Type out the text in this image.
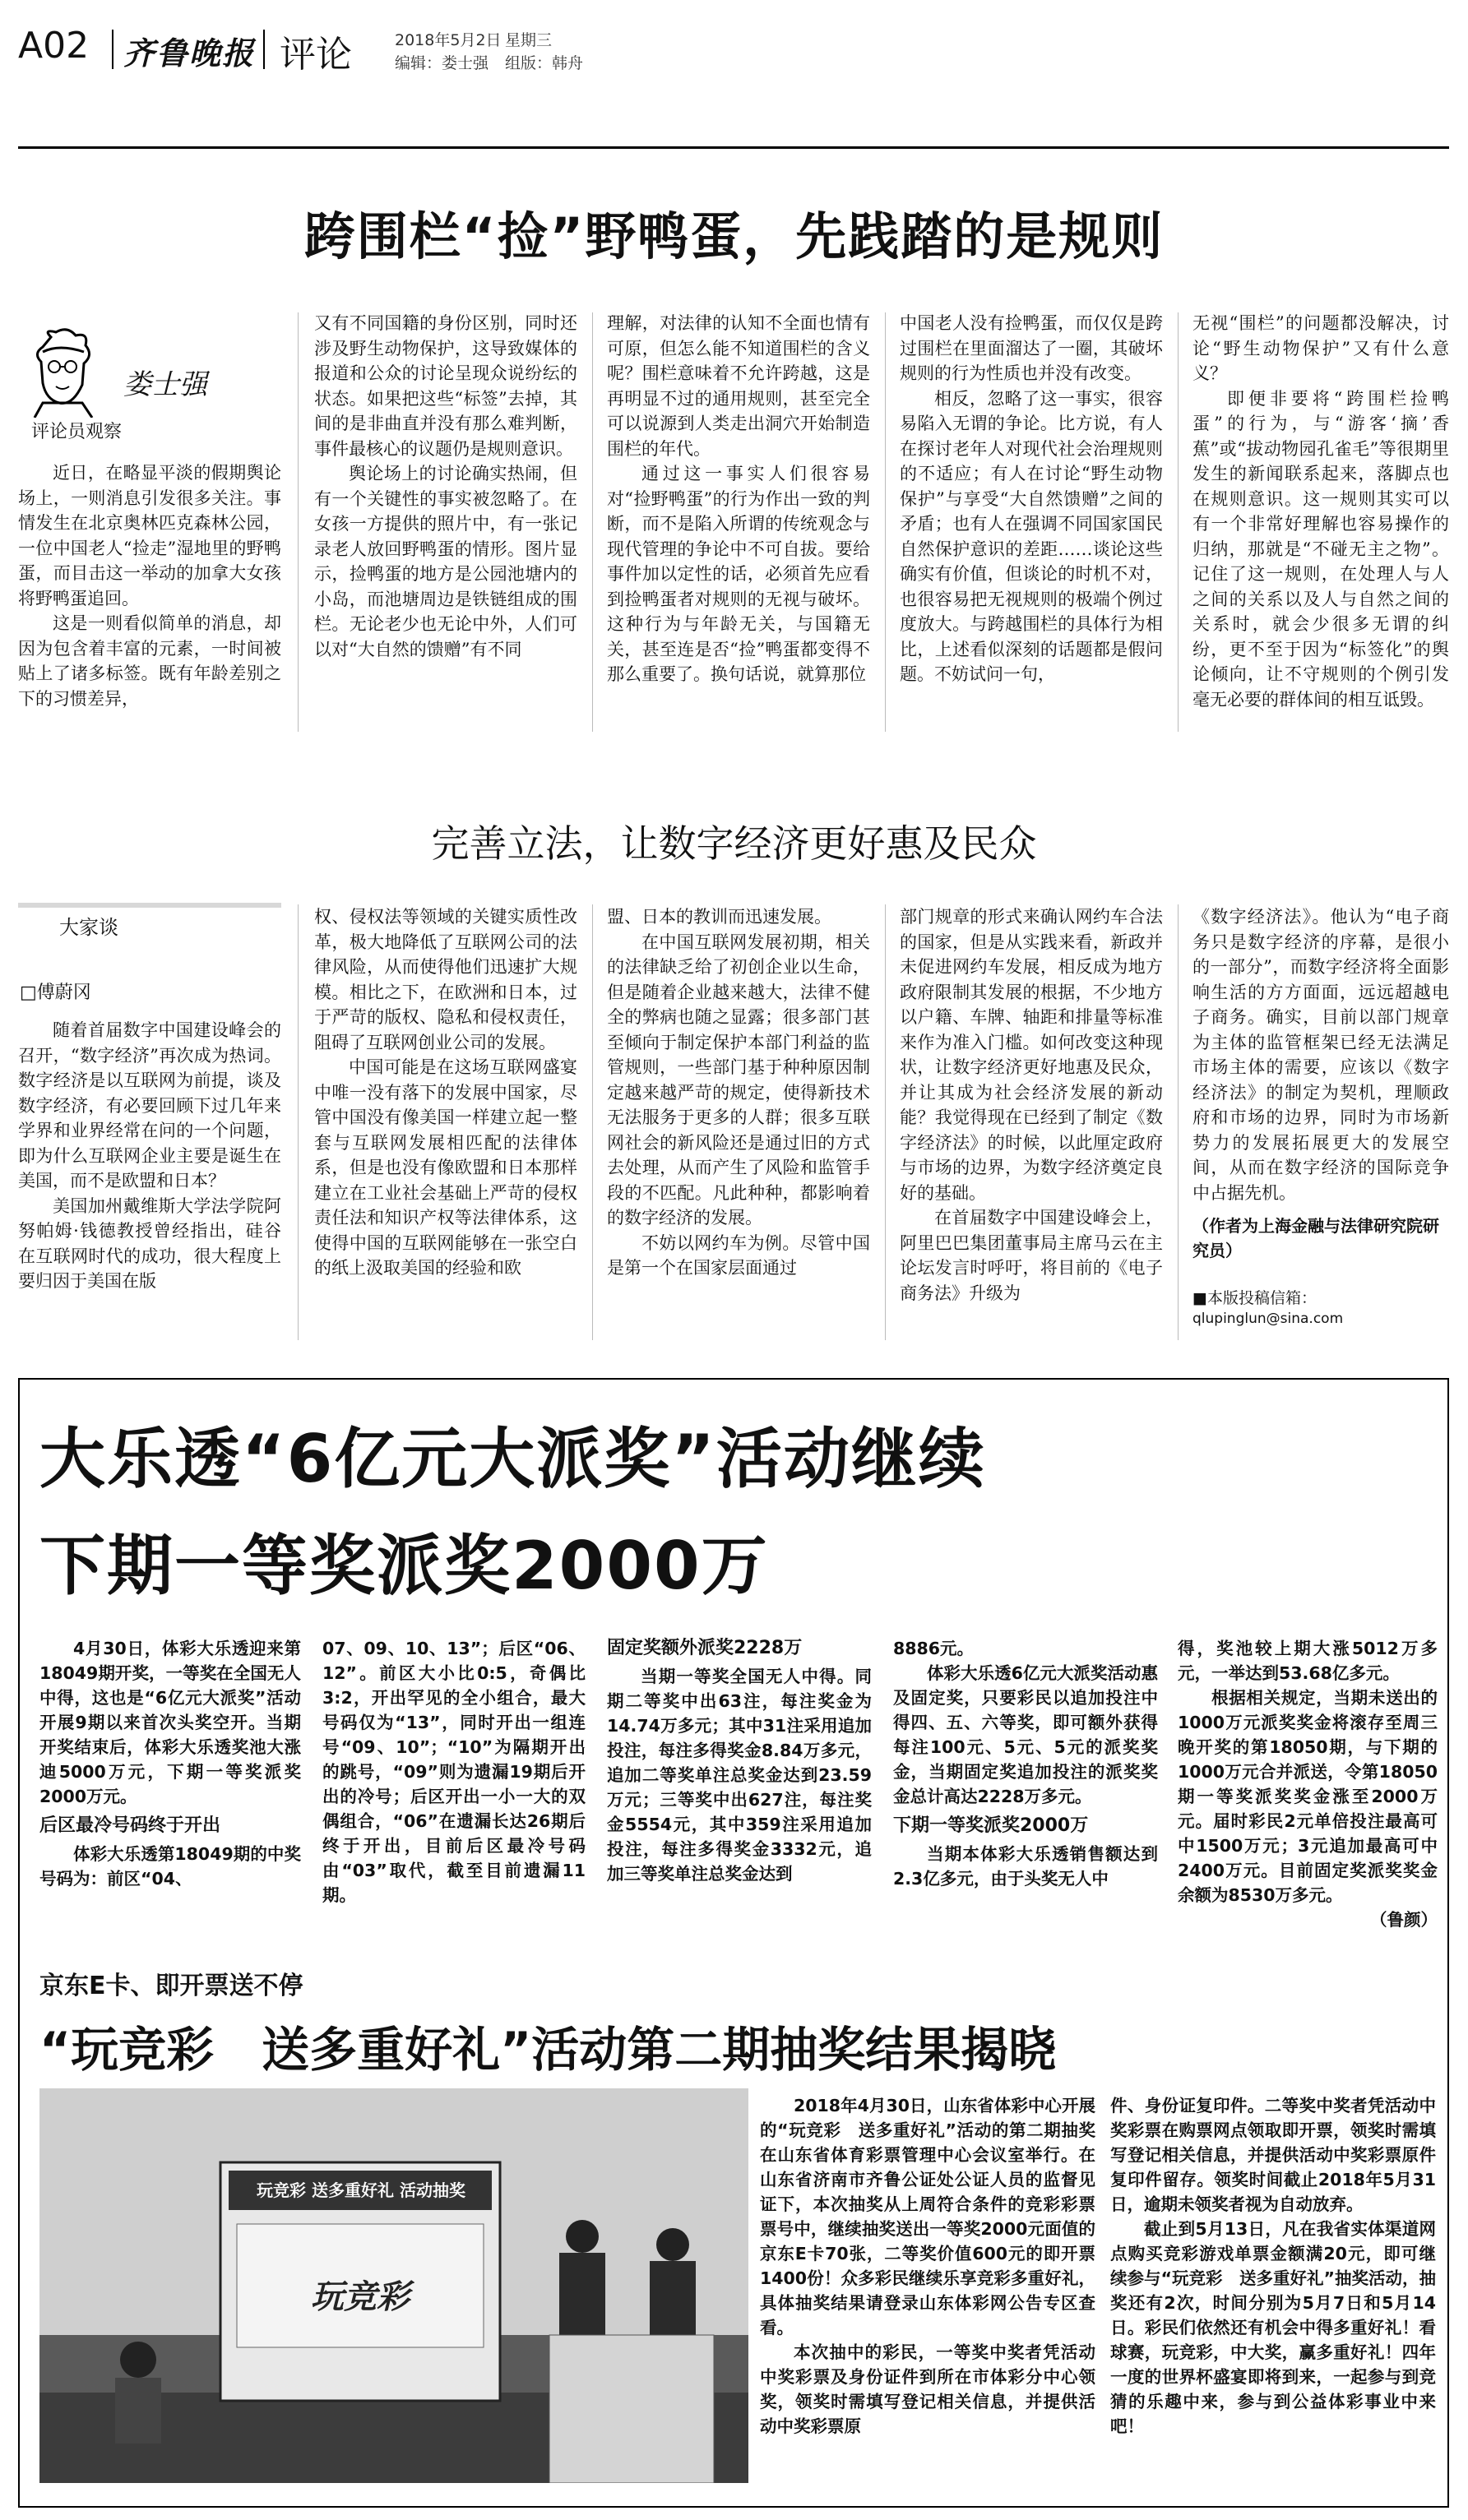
A02 齐鲁晚报 评论	2018年5月2日 星期三
编辑：娄士强 组版：韩舟
跨围栏“捡”野鸭蛋，先践踏的是规则
娄士强
评论员观察

近日，在略显平淡的假期舆论场上，一则消息引发很多关注。事情发生在北京奥林匹克森林公园，一位中国老人“捡走”湿地里的野鸭蛋，而目击这一举动的加拿大女孩将野鸭蛋追回。

这是一则看似简单的消息，却因为包含着丰富的元素，一时间被贴上了诸多标签。既有年龄差别之下的习惯差异，

又有不同国籍的身份区别，同时还涉及野生动物保护，这导致媒体的报道和公众的讨论呈现众说纷纭的状态。如果把这些“标签”去掉，其间的是非曲直并没有那么难判断，事件最核心的议题仍是规则意识。

舆论场上的讨论确实热闹，但有一个关键性的事实被忽略了。在女孩一方提供的照片中，有一张记录老人放回野鸭蛋的情形。图片显示，捡鸭蛋的地方是公园池塘内的小岛，而池塘周边是铁链组成的围栏。无论老少也无论中外，人们可以对“大自然的馈赠”有不同

理解，对法律的认知不全面也情有可原，但怎么能不知道围栏的含义呢？围栏意味着不允许跨越，这是再明显不过的通用规则，甚至完全可以说源到人类走出洞穴开始制造围栏的年代。

通过这一事实人们很容易对“捡野鸭蛋”的行为作出一致的判断，而不是陷入所谓的传统观念与现代管理的争论中不可自拔。要给事件加以定性的话，必须首先应看到捡鸭蛋者对规则的无视与破坏。这种行为与年龄无关，与国籍无关，甚至连是否“捡”鸭蛋都变得不那么重要了。换句话说，就算那位

中国老人没有捡鸭蛋，而仅仅是跨过围栏在里面溜达了一圈，其破坏规则的行为性质也并没有改变。

相反，忽略了这一事实，很容易陷入无谓的争论。比方说，有人在探讨老年人对现代社会治理规则的不适应；有人在讨论“野生动物保护”与享受“大自然馈赠”之间的矛盾；也有人在强调不同国家国民自然保护意识的差距……谈论这些确实有价值，但谈论的时机不对，也很容易把无视规则的极端个例过度放大。与跨越围栏的具体行为相比，上述看似深刻的话题都是假问题。不妨试问一句，

无视“围栏”的问题都没解决，讨论“野生动物保护”又有什么意义？

即便非要将“跨围栏捡鸭蛋”的行为，与“游客‘摘’香蕉”或“拔动物园孔雀毛”等很期里发生的新闻联系起来，落脚点也在规则意识。这一规则其实可以有一个非常好理解也容易操作的归纳，那就是“不碰无主之物”。记住了这一规则，在处理人与人之间的关系以及人与自然之间的关系时，就会少很多无谓的纠纷，更不至于因为“标签化”的舆论倾向，让不守规则的个例引发毫无必要的群体间的相互诋毁。

完善立法，让数字经济更好惠及民众
大家谈
□傅蔚冈

随着首届数字中国建设峰会的召开，“数字经济”再次成为热词。数字经济是以互联网为前提，谈及数字经济，有必要回顾下过几年来学界和业界经常在问的一个问题，即为什么互联网企业主要是诞生在美国，而不是欧盟和日本？

美国加州戴维斯大学法学院阿努帕姆·钱德教授曾经指出，硅谷在互联网时代的成功，很大程度上要归因于美国在版

权、侵权法等领域的关键实质性改革，极大地降低了互联网公司的法律风险，从而使得他们迅速扩大规模。相比之下，在欧洲和日本，过于严苛的版权、隐私和侵权责任，阻碍了互联网创业公司的发展。

中国可能是在这场互联网盛宴中唯一没有落下的发展中国家，尽管中国没有像美国一样建立起一整套与互联网发展相匹配的法律体系，但是也没有像欧盟和日本那样建立在工业社会基础上严苛的侵权责任法和知识产权等法律体系，这使得中国的互联网能够在一张空白的纸上汲取美国的经验和欧

盟、日本的教训而迅速发展。

在中国互联网发展初期，相关的法律缺乏给了初创企业以生命，但是随着企业越来越大，法律不健全的弊病也随之显露；很多部门甚至倾向于制定保护本部门利益的监管规则，一些部门基于种种原因制定越来越严苛的规定，使得新技术无法服务于更多的人群；很多互联网社会的新风险还是通过旧的方式去处理，从而产生了风险和监管手段的不匹配。凡此种种，都影响着的数字经济的发展。

不妨以网约车为例。尽管中国是第一个在国家层面通过

部门规章的形式来确认网约车合法的国家，但是从实践来看，新政并未促进网约车发展，相反成为地方政府限制其发展的根据，不少地方以户籍、车牌、轴距和排量等标准来作为准入门槛。如何改变这种现状，让数字经济更好地惠及民众，并让其成为社会经济发展的新动能？我觉得现在已经到了制定《数字经济法》的时候，以此厘定政府与市场的边界，为数字经济奠定良好的基础。

在首届数字中国建设峰会上，阿里巴巴集团董事局主席马云在主论坛发言时呼吁，将目前的《电子商务法》升级为

《数字经济法》。他认为“电子商务只是数字经济的序幕，是很小的一部分”，而数字经济将全面影响生活的方方面面，远远超越电子商务。确实，目前以部门规章为主体的监管框架已经无法满足市场主体的需要，应该以《数字经济法》的制定为契机，理顺政府和市场的边界，同时为市场新势力的发展拓展更大的发展空间，从而在数字经济的国际竞争中占据先机。

（作者为上海金融与法律研究院研究员）
■本版投稿信箱：
qlupinglun@sina.com
大乐透“6亿元大派奖”活动继续
下期一等奖派奖2000万

4月30日，体彩大乐透迎来第18049期开奖，一等奖在全国无人中得，这也是“6亿元大派奖”活动开展9期以来首次头奖空开。当期开奖结束后，体彩大乐透奖池大涨迪5000万元，下期一等奖派奖2000万元。

后区最冷号码终于开出

体彩大乐透第18049期的中奖号码为：前区“04、

07、09、10、13”；后区“06、12”。前区大小比0:5，奇偶比3:2，开出罕见的全小组合，最大号码仅为“13”，同时开出一组连号“09、10”；“10”为隔期开出的跳号，“09”则为遗漏19期后开出的冷号；后区开出一小一大的双偶组合，“06”在遗漏长达26期后终于开出，目前后区最冷号码由“03”取代，截至目前遗漏11期。

固定奖额外派奖2228万

当期一等奖全国无人中得。同期二等奖中出63注，每注奖金为14.74万多元；其中31注采用追加投注，每注多得奖金8.84万多元，追加二等奖单注总奖金达到23.59万元；三等奖中出627注，每注奖金5554元，其中359注采用追加投注，每注多得奖金3332元，追加三等奖单注总奖金达到

8886元。

体彩大乐透6亿元大派奖活动惠及固定奖，只要彩民以追加投注中得四、五、六等奖，即可额外获得每注100元、5元、5元的派奖奖金，当期固定奖追加投注的派奖奖金总计高达2228万多元。

下期一等奖派奖2000万

当期本体彩大乐透销售额达到2.3亿多元，由于头奖无人中

得，奖池较上期大涨5012万多元，一举达到53.68亿多元。

根据相关规定，当期未送出的1000万元派奖奖金将滚存至周三晚开奖的第18050期，与下期的1000万元合并派送，令第18050期一等奖派奖奖金涨至2000万元。届时彩民2元单倍投注最高可中1500万元；3元追加最高可中2400万元。目前固定奖派奖奖金余额为8530万多元。

（鲁颜）

京东E卡、即开票送不停
“玩竞彩　送多重好礼”活动第二期抽奖结果揭晓
玩竞彩 送多重好礼 活动抽奖
玩竞彩

2018年4月30日，山东省体彩中心开展的“玩竞彩　送多重好礼”活动的第二期抽奖在山东省体育彩票管理中心会议室举行。在山东省济南市齐鲁公证处公证人员的监督见证下，本次抽奖从上周符合条件的竞彩彩票票号中，继续抽奖送出一等奖2000元面值的京东E卡70张，二等奖价值600元的即开票1400份！众多彩民继续乐享竞彩多重好礼，具体抽奖结果请登录山东体彩网公告专区查看。

本次抽中的彩民，一等奖中奖者凭活动中奖彩票及身份证件到所在市体彩分中心领奖，领奖时需填写登记相关信息，并提供活动中奖彩票原

件、身份证复印件。二等奖中奖者凭活动中奖彩票在购票网点领取即开票，领奖时需填写登记相关信息，并提供活动中奖彩票原件复印件留存。领奖时间截止2018年5月31日，逾期未领奖者视为自动放弃。

截止到5月13日，凡在我省实体渠道网点购买竞彩游戏单票金额满20元，即可继续参与“玩竞彩　送多重好礼”抽奖活动，抽奖还有2次，时间分别为5月7日和5月14日。彩民们依然还有机会中得多重好礼！看球赛，玩竞彩，中大奖，赢多重好礼！四年一度的世界杯盛宴即将到来，一起参与到竞猜的乐趣中来，参与到公益体彩事业中来吧！
